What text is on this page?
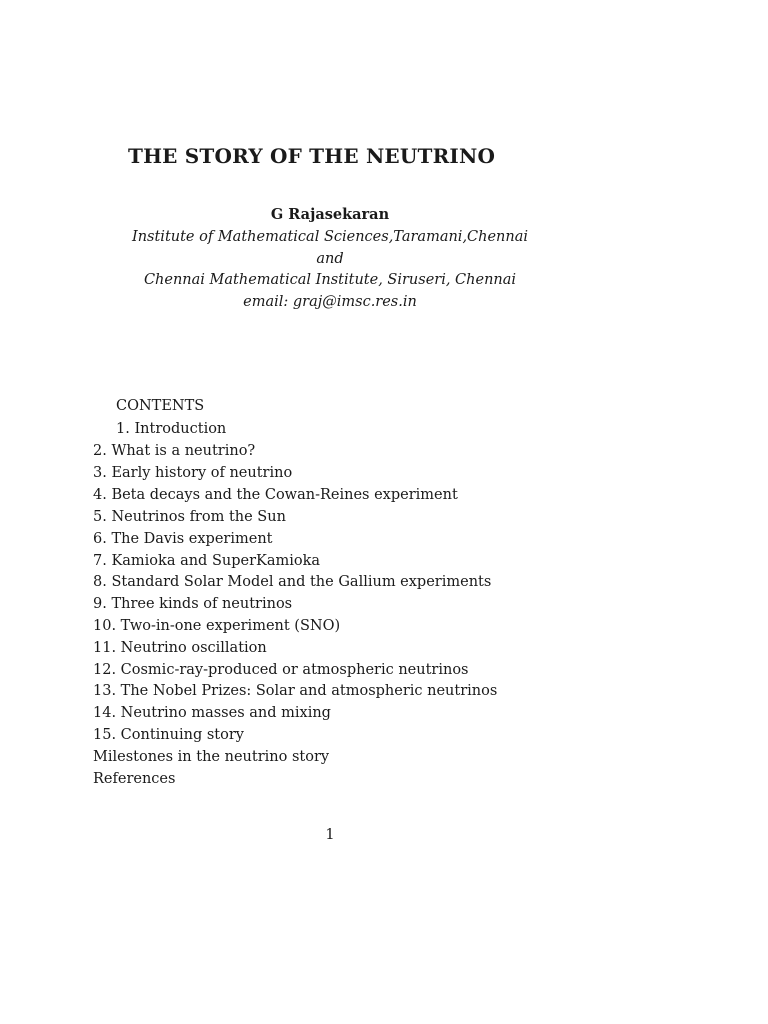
THE STORY OF THE NEUTRINO
G Rajasekaran
Institute of Mathematical Sciences,Taramani,Chennai
and
Chennai Mathematical Institute, Siruseri, Chennai
email: graj@imsc.res.in
CONTENTS
1. Introduction
2. What is a neutrino?
3. Early history of neutrino
4. Beta decays and the Cowan-Reines experiment
5. Neutrinos from the Sun
6. The Davis experiment
7. Kamioka and SuperKamioka
8. Standard Solar Model and the Gallium experiments
9. Three kinds of neutrinos
10. Two-in-one experiment (SNO)
11. Neutrino oscillation
12. Cosmic-ray-produced or atmospheric neutrinos
13. The Nobel Prizes: Solar and atmospheric neutrinos
14. Neutrino masses and mixing
15. Continuing story
Milestones in the neutrino story
References
1
